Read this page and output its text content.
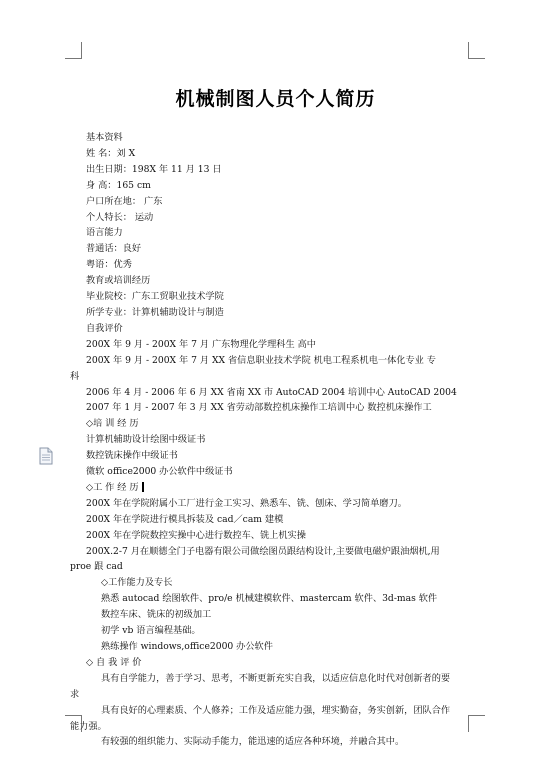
机械制图人员个人简历
基本资料
姓 名：刘 X
出生日期：198X 年 11 月 13 日
身 高：165 cm
户口所在地： 广东
个人特长： 运动
语言能力
普通话：良好
粤语：优秀
教育或培训经历
毕业院校：广东工贸职业技术学院
所学专业：计算机辅助设计与制造
自我评价
200X 年 9 月 - 200X 年 7 月 广东物理化学理科生 高中
200X 年 9 月 - 200X 年 7 月 XX 省信息职业技术学院 机电工程系机电一体化专业 专
科
2006 年 4 月 - 2006 年 6 月 XX 省南 XX 市 AutoCAD 2004 培训中心 AutoCAD 2004
2007 年 1 月 - 2007 年 3 月 XX 省劳动部数控机床操作工培训中心 数控机床操作工
◇培 训 经 历
计算机辅助设计绘图中级证书
数控铣床操作中级证书
微软 office2000 办公软件中级证书
◇工 作 经 历
200X 年在学院附属小工厂进行金工实习、熟悉车、铣、刨床、学习简单磨刀。
200X 年在学院进行模具拆装及 cad／cam 建模
200X 年在学院数控实操中心进行数控车、铣上机实操
200X.2-7 月在顺德全门子电器有限公司做绘图员跟结构设计,主要做电磁炉跟油烟机,用
proe 跟 cad
◇工作能力及专长
熟悉 autocad 绘图软件、pro/e 机械建模软件、mastercam 软件、3d-mas 软件
数控车床、铣床的初级加工
初学 vb 语言编程基础。
熟练操作 windows,office2000 办公软件
◇ 自 我 评 价
具有自学能力，善于学习、思考，不断更新充实自我，以适应信息化时代对创新者的要
求
具有良好的心理素质、个人修养；工作及适应能力强，埋实勤奋，务实创新，团队合作
能力强。
有较强的组织能力、实际动手能力，能迅速的适应各种环境，并融合其中。
